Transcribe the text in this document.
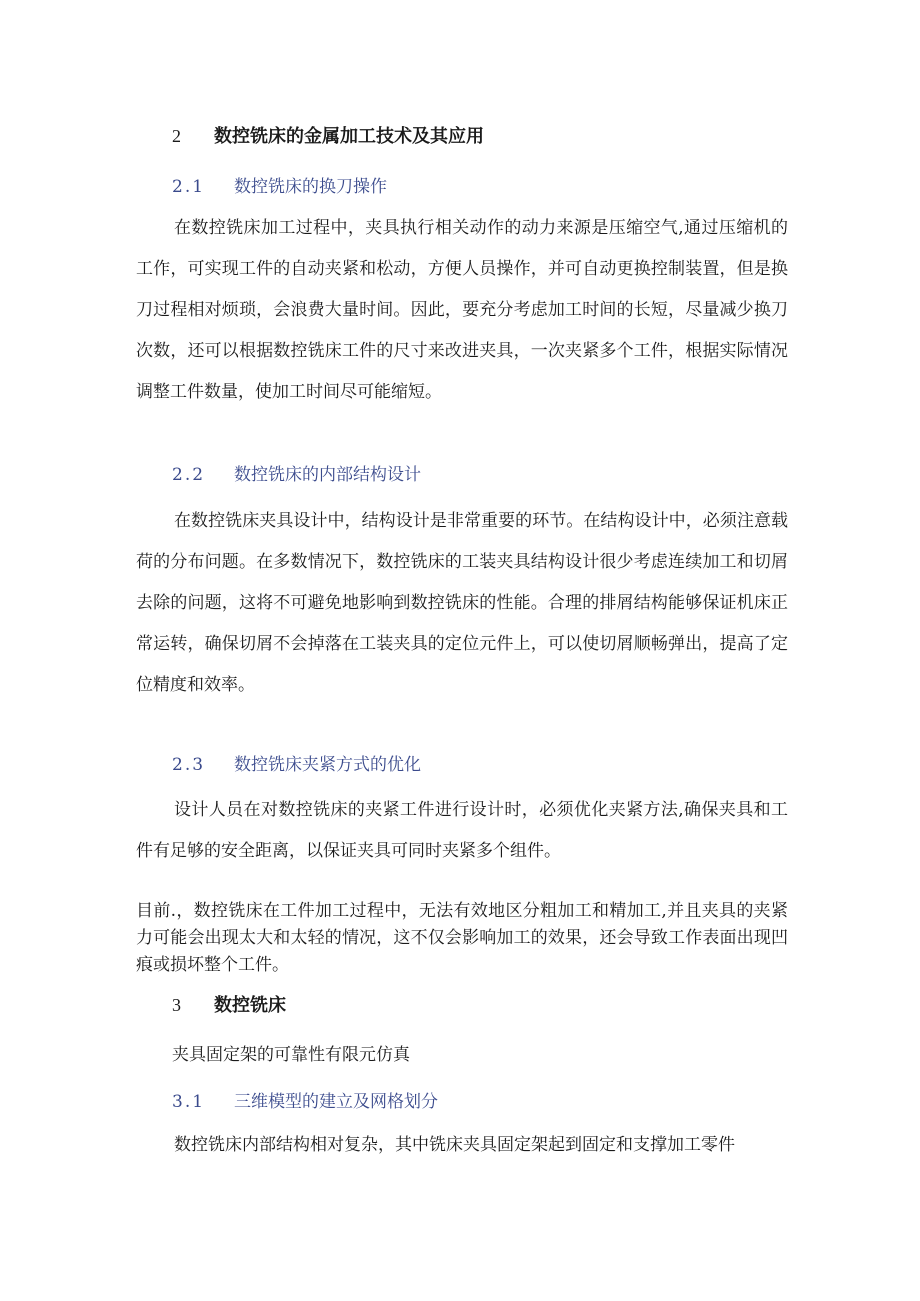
2 数控铣床的金属加工技术及其应用
2.1 数控铣床的换刀操作
在数控铣床加工过程中，夹具执行相关动作的动力来源是压缩空气,通过压缩机的工作，可实现工件的自动夹紧和松动，方便人员操作，并可自动更换控制装置，但是换刀过程相对烦琐，会浪费大量时间。因此，要充分考虑加工时间的长短，尽量减少换刀次数，还可以根据数控铣床工件的尺寸来改进夹具，一次夹紧多个工件，根据实际情况调整工件数量，使加工时间尽可能缩短。
2.2 数控铣床的内部结构设计
在数控铣床夹具设计中，结构设计是非常重要的环节。在结构设计中，必须注意载荷的分布问题。在多数情况下，数控铣床的工装夹具结构设计很少考虑连续加工和切屑去除的问题，这将不可避免地影响到数控铣床的性能。合理的排屑结构能够保证机床正常运转，确保切屑不会掉落在工装夹具的定位元件上，可以使切屑顺畅弹出，提高了定位精度和效率。
2.3 数控铣床夹紧方式的优化
设计人员在对数控铣床的夹紧工件进行设计时，必须优化夹紧方法,确保夹具和工件有足够的安全距离，以保证夹具可同时夹紧多个组件。
目前.，数控铣床在工件加工过程中，无法有效地区分粗加工和精加工,并且夹具的夹紧力可能会出现太大和太轻的情况，这不仅会影响加工的效果，还会导致工作表面出现凹痕或损坏整个工件。
3 数控铣床
夹具固定架的可靠性有限元仿真
3.1 三维模型的建立及网格划分
数控铣床内部结构相对复杂，其中铣床夹具固定架起到固定和支撑加工零件
